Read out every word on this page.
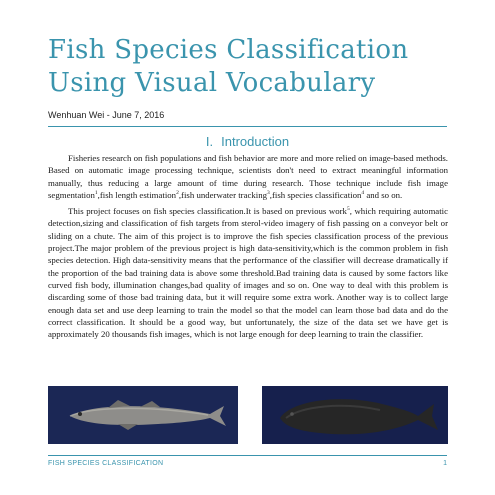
Fish Species Classification
Using Visual Vocabulary
Wenhuan Wei - June 7, 2016
I. Introduction

Fisheries research on fish populations and fish behavior are more and more relied on image-based methods. Based on automatic image processing technique, scientists don't need to extract meaningful information manually, thus reducing a large amount of time during research. Those technique include fish image segmentation$^1$,fish length estimation$^2$,fish underwater tracking$^3$,fish species classification$^4$ and so on.

This project focuses on fish species classification.It is based on previous work$^5$, which requiring automatic detection,sizing and classification of fish targets from sterol-video imagery of fish passing on a conveyor belt or sliding on a chute. The aim of this project is to improve the fish species classification process of the previous project.The major problem of the previous project is high data-sensitivity,which is the common problem in fish species detection. High data-sensitivity means that the performance of the classifier will decrease dramatically if the proportion of the bad training data is above some threshold.Bad training data is caused by some factors like curved fish body, illumination changes,bad quality of images and so on. One way to deal with this problem is discarding some of those bad training data, but it will require some extra work. Another way is to collect large enough data set and use deep learning to train the model so that the model can learn those bad data and do the correct classification. It should be a good way, but unfortunately, the size of the data set we have get is approximately 20 thousands fish images, which is not large enough for deep learning to train the classifier.

FISH SPECIES CLASSIFICATION	1
